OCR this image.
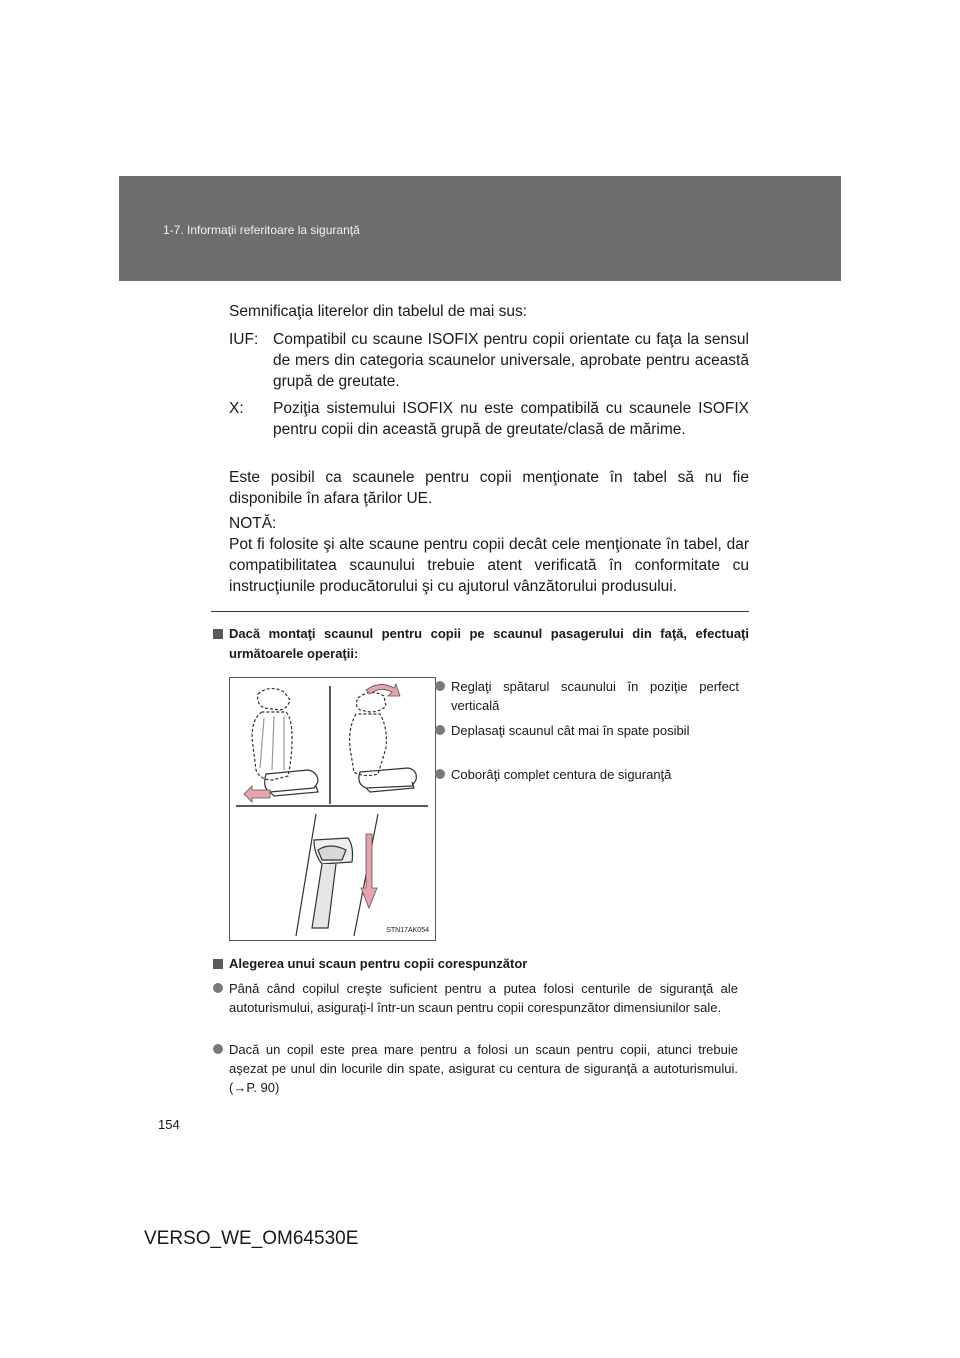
1-7. Informaţii referitoare la siguranţă
Semnificaţia literelor din tabelul de mai sus:
IUF: Compatibil cu scaune ISOFIX pentru copii orientate cu faţa la sensul de mers din categoria scaunelor universale, aprobate pentru această grupă de greutate.
X: Poziţia sistemului ISOFIX nu este compatibilă cu scaunele ISOFIX pentru copii din această grupă de greutate/clasă de mărime.
Este posibil ca scaunele pentru copii menţionate în tabel să nu fie disponibile în afara ţărilor UE.
NOTĂ:
Pot fi folosite şi alte scaune pentru copii decât cele menţionate în tabel, dar compatibilitatea scaunului trebuie atent verificată în conformitate cu instrucţiunile producătorului şi cu ajutorul vânzătorului produsului.
Dacă montaţi scaunul pentru copii pe scaunul pasagerului din faţă, efectuaţi următoarele operaţii:
STN17AK054
Reglaţi spătarul scaunului în poziţie perfect verticală
Deplasaţi scaunul cât mai în spate posibil
Coborâţi complet centura de siguranţă
Alegerea unui scaun pentru copii corespunzător
Până când copilul creşte suficient pentru a putea folosi centurile de siguranţă ale autoturismului, asiguraţi-l într-un scaun pentru copii corespunzător dimensiunilor sale.
Dacă un copil este prea mare pentru a folosi un scaun pentru copii, atunci trebuie aşezat pe unul din locurile din spate, asigurat cu centura de siguranţă a autoturismului. (→P. 90)
154
VERSO_WE_OM64530E
